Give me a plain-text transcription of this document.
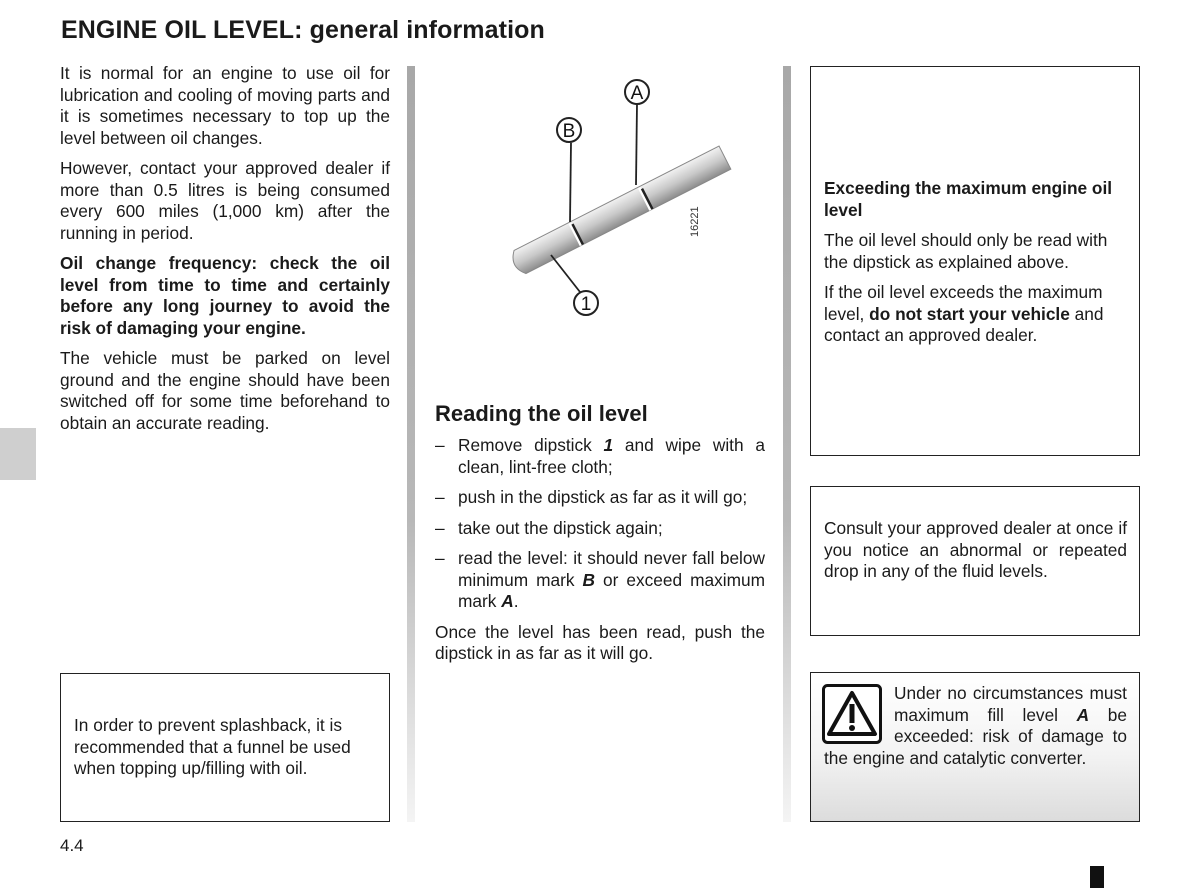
ENGINE OIL LEVEL: general information

It is normal for an engine to use oil for lubrication and cooling of moving parts and it is sometimes necessary to top up the level between oil changes.

However, contact your approved dealer if more than 0.5 litres is being consumed every 600 miles (1,000 km) after the running in period.

Oil change frequency: check the oil level from time to time and certainly before any long journey to avoid the risk of damaging your engine.

The vehicle must be parked on level ground and the engine should have been switched off for some time beforehand to obtain an accurate reading.

In order to prevent splashback, it is recommended that a funnel be used when topping up/filling with oil.
A
B
1
16221
Reading the oil level
– Remove dipstick 1 and wipe with a clean, lint-free cloth;
– push in the dipstick as far as it will go;
– take out the dipstick again;
– read the level: it should never fall below minimum mark B or exceed maximum mark A.

Once the level has been read, push the dipstick in as far as it will go.

Exceeding the maximum engine oil level

The oil level should only be read with the dipstick as explained above.

If the oil level exceeds the maximum level, do not start your vehicle and contact an approved dealer.

Consult your approved dealer at once if you notice an abnormal or repeated drop in any of the fluid levels.
Under no circumstances must maximum fill level A be exceeded: risk of damage to the engine and catalytic converter.
4.4
